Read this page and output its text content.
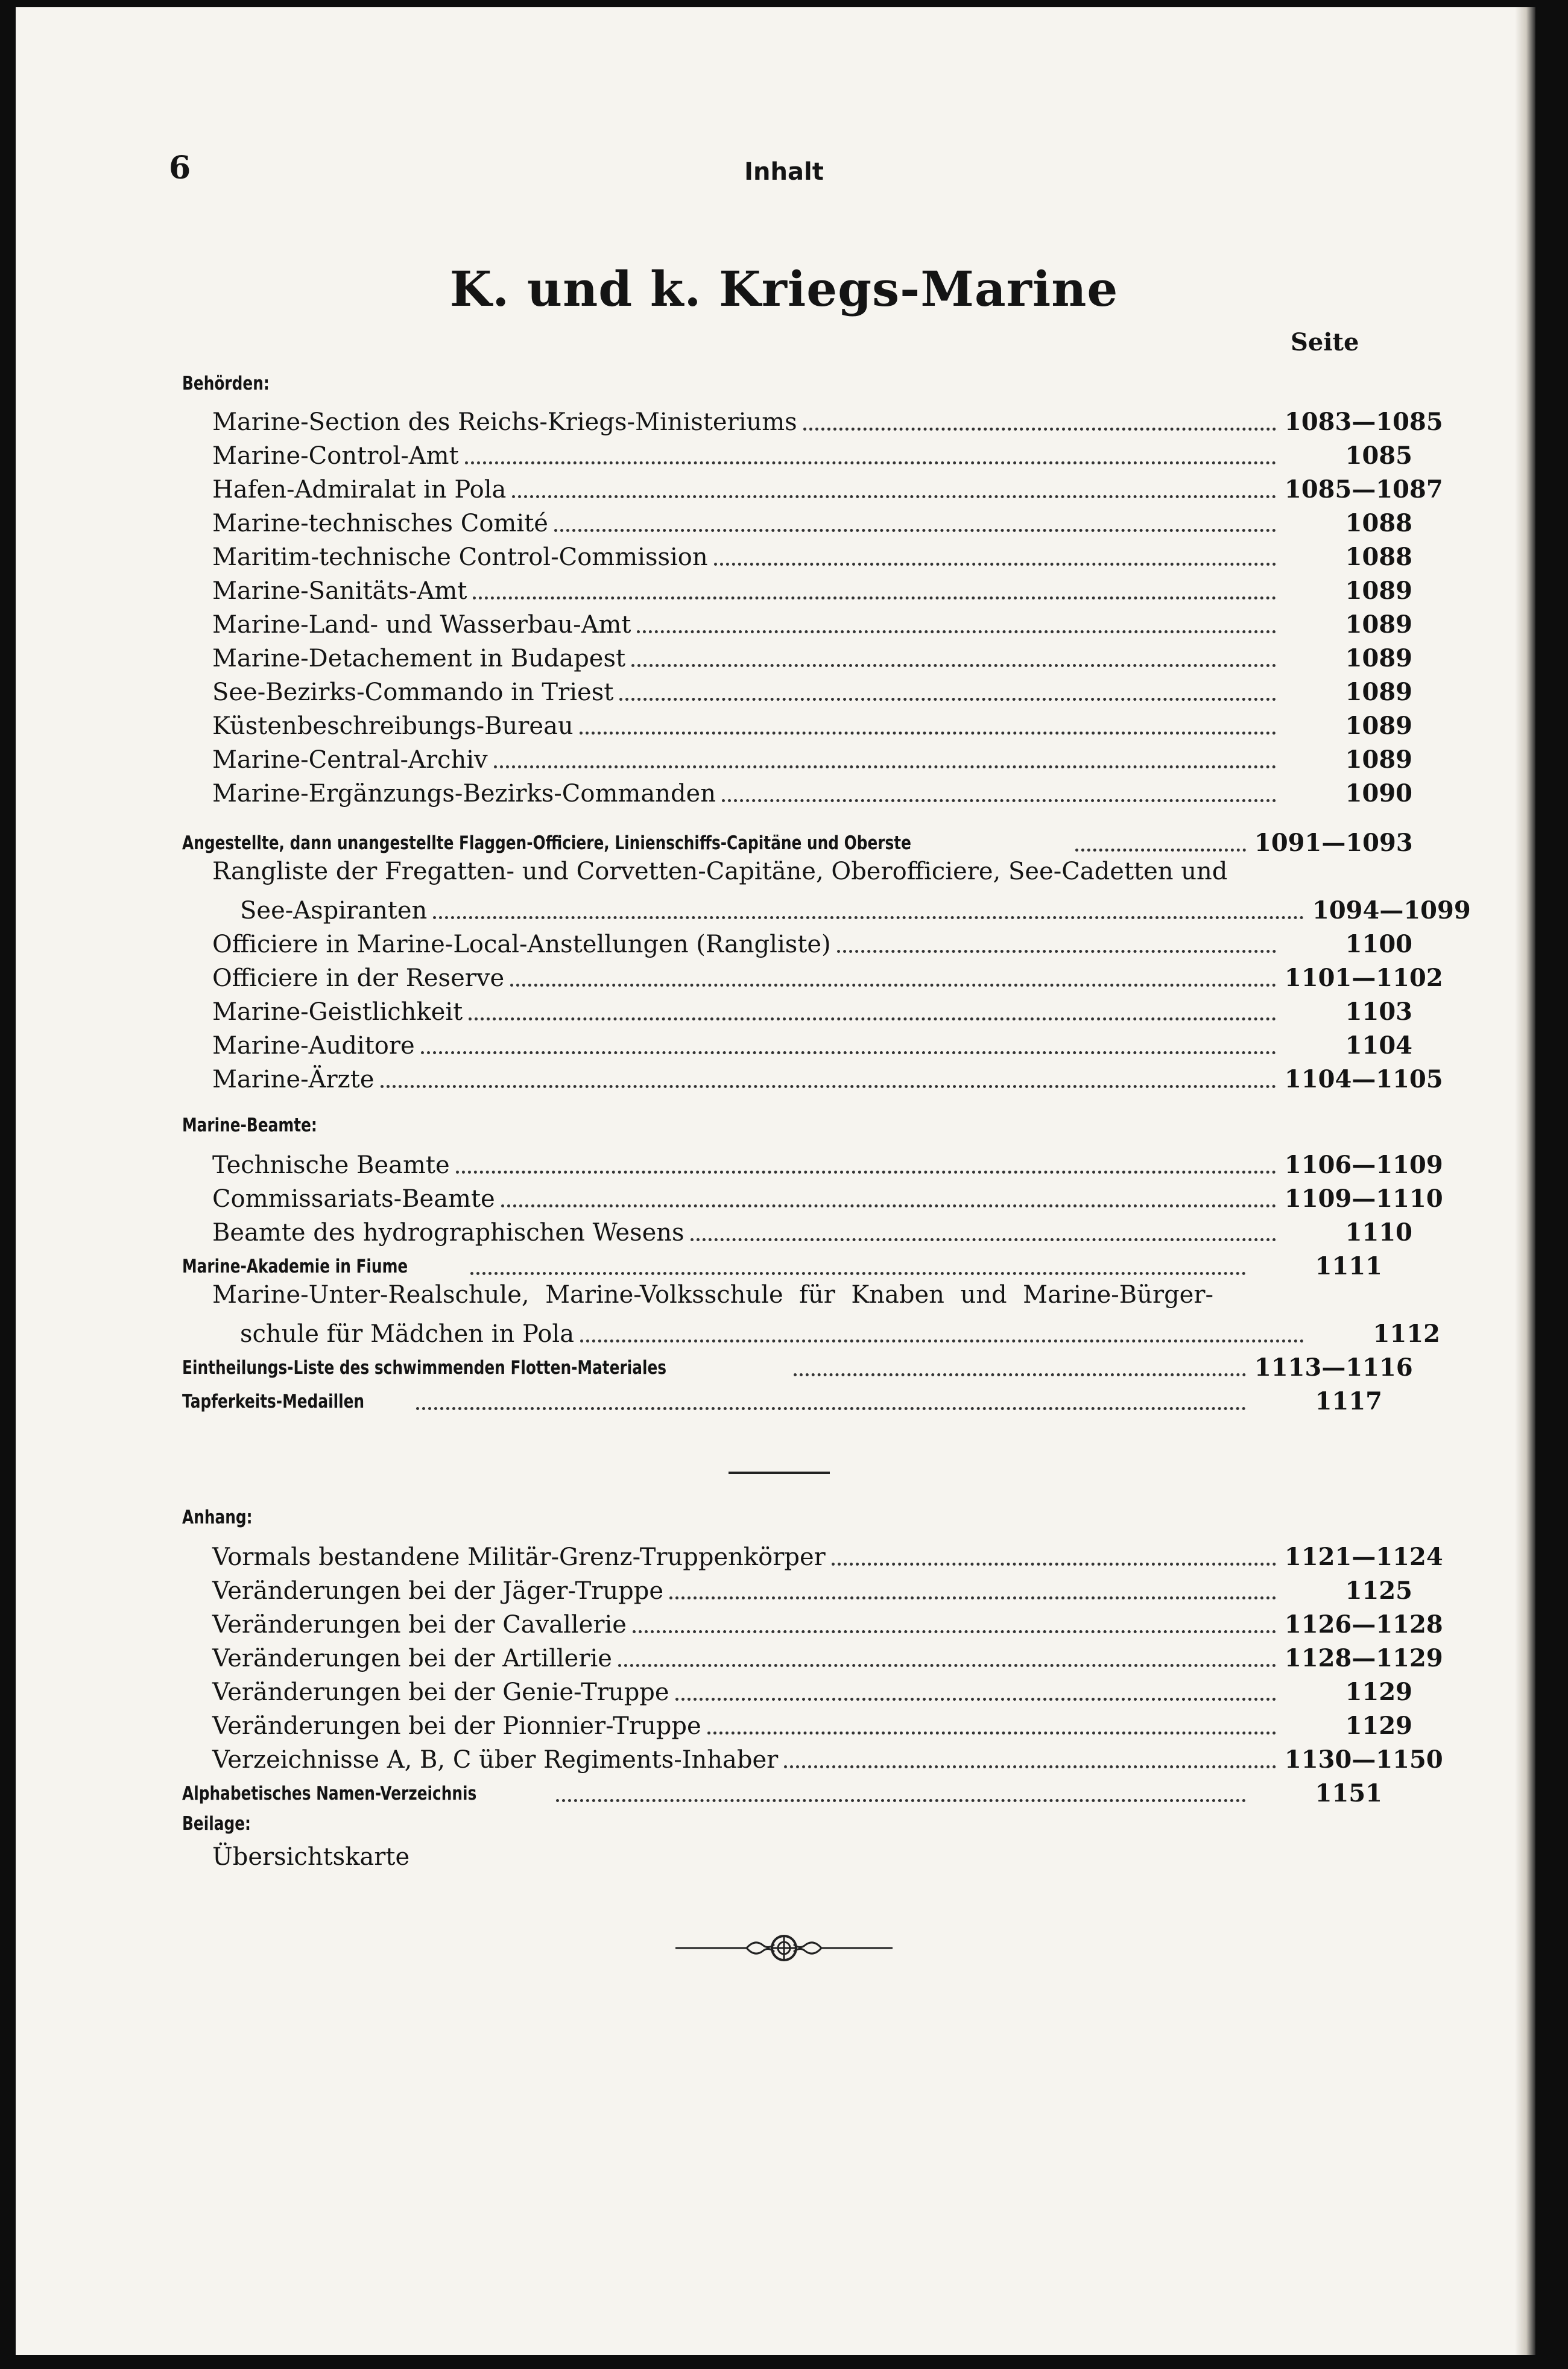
6	Inhalt
K. und k. Kriegs-Marine
Seite
Behörden:
Marine-Section des Reichs-Kriegs-Ministeriums	1083—1085
Marine-Control-Amt	1085
Hafen-Admiralat in Pola	1085—1087
Marine-technisches Comité	1088
Maritim-technische Control-Commission	1088
Marine-Sanitäts-Amt	1089
Marine-Land- und Wasserbau-Amt	1089
Marine-Detachement in Budapest	1089
See-Bezirks-Commando in Triest	1089
Küstenbeschreibungs-Bureau	1089
Marine-Central-Archiv	1089
Marine-Ergänzungs-Bezirks-Commanden	1090
Angestellte, dann unangestellte Flaggen-Officiere, Linienschiffs-Capitäne und Oberste	1091—1093
Rangliste der Fregatten- und Corvetten-Capitäne, Oberofficiere, See-Cadetten und
See-Aspiranten	1094—1099
Officiere in Marine-Local-Anstellungen (Rangliste)	1100
Officiere in der Reserve	1101—1102
Marine-Geistlichkeit	1103
Marine-Auditore	1104
Marine-Ärzte	1104—1105
Marine-Beamte:
Technische Beamte	1106—1109
Commissariats-Beamte	1109—1110
Beamte des hydrographischen Wesens	1110
Marine-Akademie in Fiume	1111
Marine-Unter-Realschule, Marine-Volksschule für Knaben und Marine-Bürger-
schule für Mädchen in Pola	1112
Eintheilungs-Liste des schwimmenden Flotten-Materiales	1113—1116
Tapferkeits-Medaillen	1117
Anhang:
Vormals bestandene Militär-Grenz-Truppenkörper	1121—1124
Veränderungen bei der Jäger-Truppe	1125
Veränderungen bei der Cavallerie	1126—1128
Veränderungen bei der Artillerie	1128—1129
Veränderungen bei der Genie-Truppe	1129
Veränderungen bei der Pionnier-Truppe	1129
Verzeichnisse A, B, C über Regiments-Inhaber	1130—1150
Alphabetisches Namen-Verzeichnis	1151
Beilage:
Übersichtskarte
